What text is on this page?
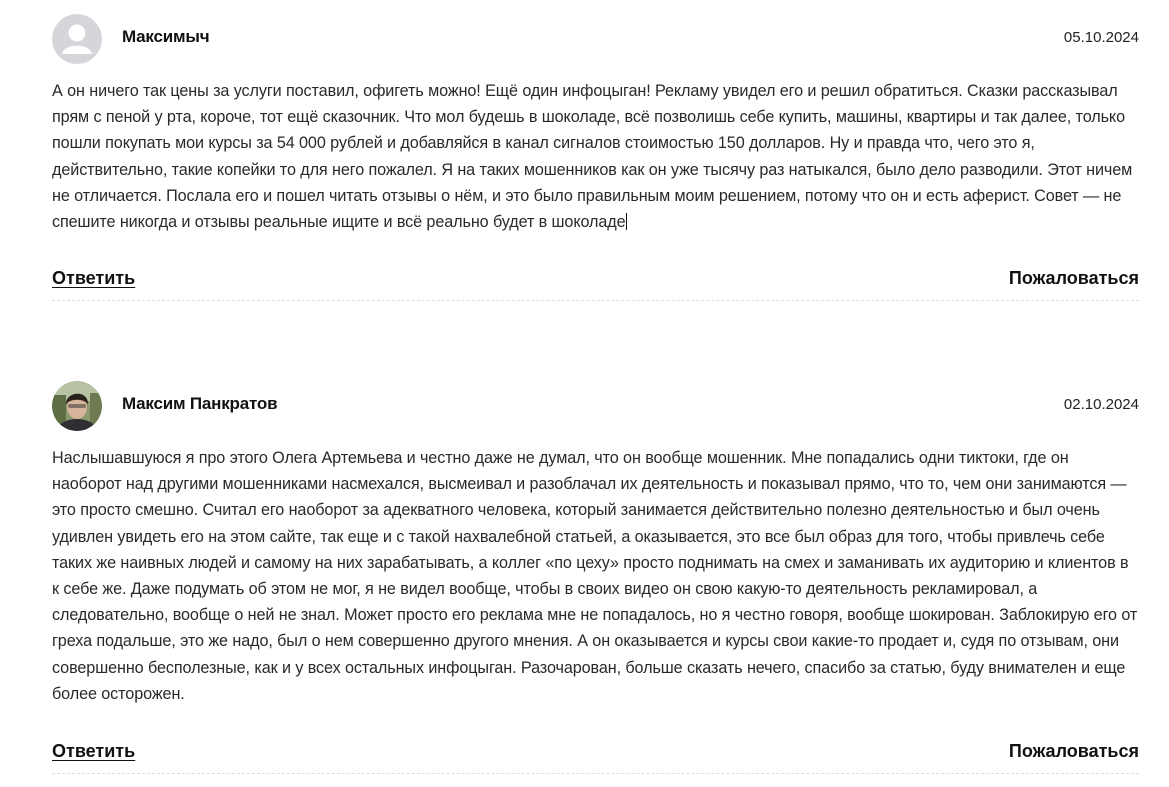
Максимыч	05.10.2024

А он ничего так цены за услуги поставил, офигеть можно! Ещё один инфоцыган! Рекламу увидел его и решил обратиться. Сказки рассказывал прям с пеной у рта, короче, тот ещё сказочник. Что мол будешь в шоколаде, всё позволишь себе купить, машины, квартиры и так далее, только пошли покупать мои курсы за 54 000 рублей и добавляйся в канал сигналов стоимостью 150 долларов. Ну и правда что, чего это я, действительно, такие копейки то для него пожалел. Я на таких мошенников как он уже тысячу раз натыкался, было дело разводили. Этот ничем не отличается. Послала его и пошел читать отзывы о нём, и это было правильным моим решением, потому что он и есть аферист. Совет — не спешите никогда и отзывы реальные ищите и всё реально будет в шоколаде

Ответить	Пожаловаться
Максим Панкратов	02.10.2024

Наслышавшуюся я про этого Олега Артемьева и честно даже не думал, что он вообще мошенник. Мне попадались одни тиктоки, где он наоборот над другими мошенниками насмехался, высмеивал и разоблачал их деятельность и показывал прямо, что то, чем они занимаются — это просто смешно. Считал его наоборот за адекватного человека, который занимается действительно полезно деятельностью и был очень удивлен увидеть его на этом сайте, так еще и с такой нахвалебной статьей, а оказывается, это все был образ для того, чтобы привлечь себе таких же наивных людей и самому на них зарабатывать, а коллег «по цеху» просто поднимать на смех и заманивать их аудиторию и клиентов в к себе же. Даже подумать об этом не мог, я не видел вообще, чтобы в своих видео он свою какую-то деятельность рекламировал, а следовательно, вообще о ней не знал. Может просто его реклама мне не попадалось, но я честно говоря, вообще шокирован. Заблокирую его от греха подальше, это же надо, был о нем совершенно другого мнения. А он оказывается и курсы свои какие-то продает и, судя по отзывам, они совершенно бесполезные, как и у всех остальных инфоцыган. Разочарован, больше сказать нечего, спасибо за статью, буду внимателен и еще более осторожен.

Ответить	Пожаловаться
